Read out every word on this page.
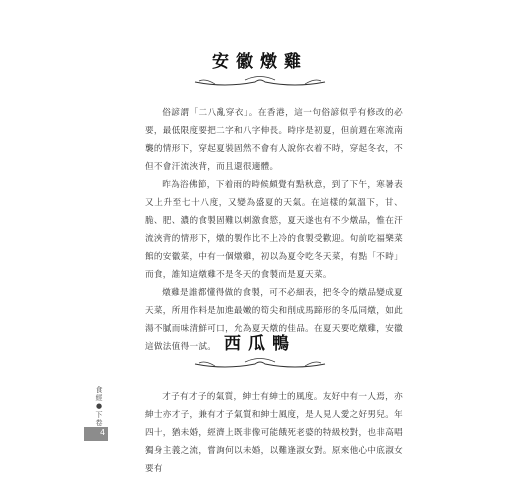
安徽燉雞

俗諺謂「二八亂穿衣」。在香港，這一句俗諺似乎有修改的必要，最低限度要把二字和八字伸長。時序是初夏，但前週在寒流南襲的情形下，穿起夏裝固然不會有人說你衣着不時，穿起冬衣，不但不會汗流浹背，而且還很適體。

昨為浴佛節，下着雨的時候頗覺有點秋意，到了下午，寒暑表又上升至七十八度，又變為盛夏的天氣。在這樣的氣溫下，甘、脆、肥、濃的食製固難以刺激食慾，夏天遂也有不少燉品，惟在汗流浹背的情形下，燉的製作比不上冷的食製受歡迎。旬前吃福樂菜館的安徽菜，中有一個燉雞，初以為夏令吃冬天菜，有點「不時」而食，誰知這燉雞不是冬天的食製而是夏天菜。

燉雞是誰都懂得做的食製，可不必細表，把冬令的燉品變成夏天菜，所用作料是加進最嫩的筍尖和削成馬蹄形的冬瓜同燉，如此湯不膩而味清鮮可口，允為夏天燉的佳品。在夏天要吃燉雞，安徽這做法值得一試。 西瓜鴨

才子有才子的氣質，紳士有紳士的風度。友好中有一人焉，亦紳士亦才子，兼有才子氣質和紳士風度，是人見人愛之好男兒。年四十，猶未婚，經濟上既非像可能餓死老婆的特級校對，也非高唱獨身主義之流，嘗詢何以未婚，以難逢淑女對。原來他心中底淑女要有

食經●下卷
4
